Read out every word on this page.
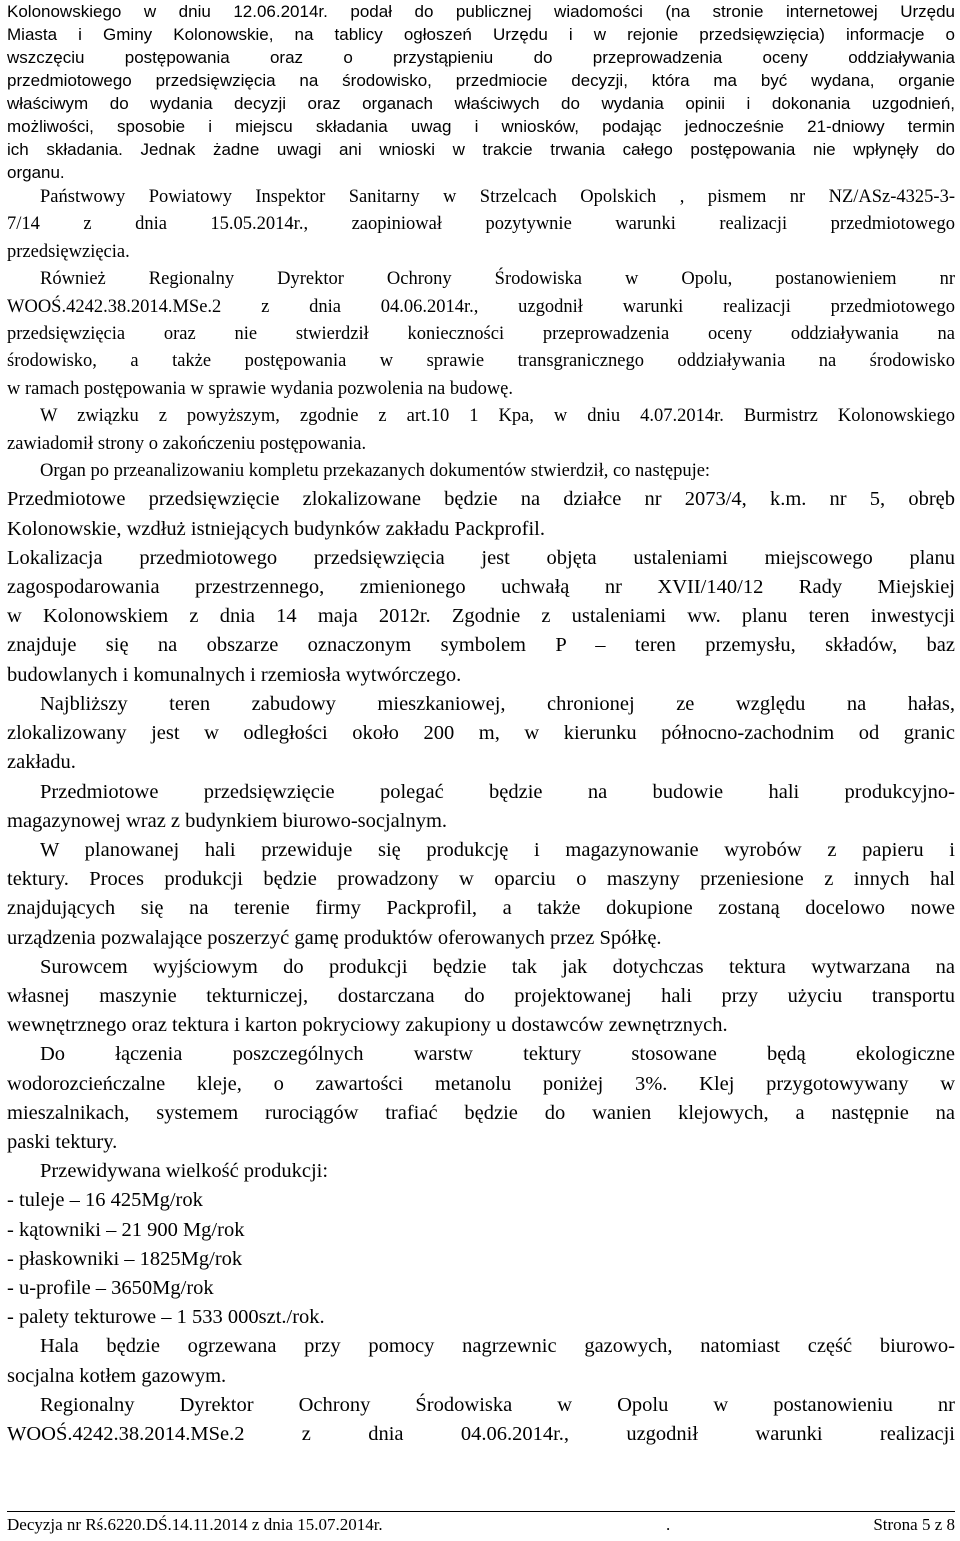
Kolonowskiego w dniu 12.06.2014r. podał do publicznej wiadomości (na stronie internetowej Urzędu

Miasta i Gminy Kolonowskie, na tablicy ogłoszeń Urzędu i w rejonie przedsięwzięcia) informacje o

wszczęciu postępowania oraz o przystąpieniu do przeprowadzenia oceny oddziaływania

przedmiotowego przedsięwzięcia na środowisko, przedmiocie decyzji, która ma być wydana, organie

właściwym do wydania decyzji oraz organach właściwych do wydania opinii i dokonania uzgodnień,

możliwości, sposobie i miejscu składania uwag i wniosków, podając jednocześnie 21-dniowy termin

ich składania. Jednak żadne uwagi ani wnioski w trakcie trwania całego postępowania nie wpłynęły do

organu.

Państwowy Powiatowy Inspektor Sanitarny w Strzelcach Opolskich , pismem nr NZ/ASz-4325-3-

7/14 z dnia 15.05.2014r., zaopiniował pozytywnie warunki realizacji przedmiotowego

przedsięwzięcia.

Również Regionalny Dyrektor Ochrony Środowiska w Opolu, postanowieniem nr

WOOŚ.4242.38.2014.MSe.2 z dnia 04.06.2014r., uzgodnił warunki realizacji przedmiotowego

przedsięwzięcia oraz nie stwierdził konieczności przeprowadzenia oceny oddziaływania na

środowisko, a także postępowania w sprawie transgranicznego oddziaływania na środowisko

w ramach postępowania w sprawie wydania pozwolenia na budowę.

W związku z powyższym, zgodnie z art.10 1 Kpa, w dniu 4.07.2014r. Burmistrz Kolonowskiego

zawiadomił strony o zakończeniu postępowania.

Organ po przeanalizowaniu kompletu przekazanych dokumentów stwierdził, co następuje:

Przedmiotowe przedsięwzięcie zlokalizowane będzie na działce nr 2073/4, k.m. nr 5, obręb

Kolonowskie, wzdłuż istniejących budynków zakładu Packprofil.

Lokalizacja przedmiotowego przedsięwzięcia jest objęta ustaleniami miejscowego planu

zagospodarowania przestrzennego, zmienionego uchwałą nr XVII/140/12 Rady Miejskiej

w Kolonowskiem z dnia 14 maja 2012r. Zgodnie z ustaleniami ww. planu teren inwestycji

znajduje się na obszarze oznaczonym symbolem P – teren przemysłu, składów, baz

budowlanych i komunalnych i rzemiosła wytwórczego.

Najbliższy teren zabudowy mieszkaniowej, chronionej ze względu na hałas,

zlokalizowany jest w odległości około 200 m, w kierunku północno-zachodnim od granic

zakładu.

Przedmiotowe przedsięwzięcie polegać będzie na budowie hali produkcyjno-

magazynowej wraz z budynkiem biurowo-socjalnym.

W planowanej hali przewiduje się produkcję i magazynowanie wyrobów z papieru i

tektury. Proces produkcji będzie prowadzony w oparciu o maszyny przeniesione z innych hal

znajdujących się na terenie firmy Packprofil, a także dokupione zostaną docelowo nowe

urządzenia pozwalające poszerzyć gamę produktów oferowanych przez Spółkę.

Surowcem wyjściowym do produkcji będzie tak jak dotychczas tektura wytwarzana na

własnej maszynie tekturniczej, dostarczana do projektowanej hali przy użyciu transportu

wewnętrznego oraz tektura i karton pokryciowy zakupiony u dostawców zewnętrznych.

Do łączenia poszczególnych warstw tektury stosowane będą ekologiczne

wodorozcieńczalne kleje, o zawartości metanolu poniżej 3%. Klej przygotowywany w

mieszalnikach, systemem rurociągów trafiać będzie do wanien klejowych, a następnie na

paski tektury.

Przewidywana wielkość produkcji:

- tuleje – 16 425Mg/rok

- kątowniki – 21 900 Mg/rok

- płaskowniki – 1825Mg/rok

- u-profile – 3650Mg/rok

- palety tekturowe – 1 533 000szt./rok.

Hala będzie ogrzewana przy pomocy nagrzewnic gazowych, natomiast część biurowo-

socjalna kotłem gazowym.

Regionalny Dyrektor Ochrony Środowiska w Opolu w postanowieniu nr

WOOŚ.4242.38.2014.MSe.2 z dnia 04.06.2014r., uzgodnił warunki realizacji

Decyzja nr Rś.6220.DŚ.14.11.2014 z dnia 15.07.2014r.	.	Strona 5 z 8
